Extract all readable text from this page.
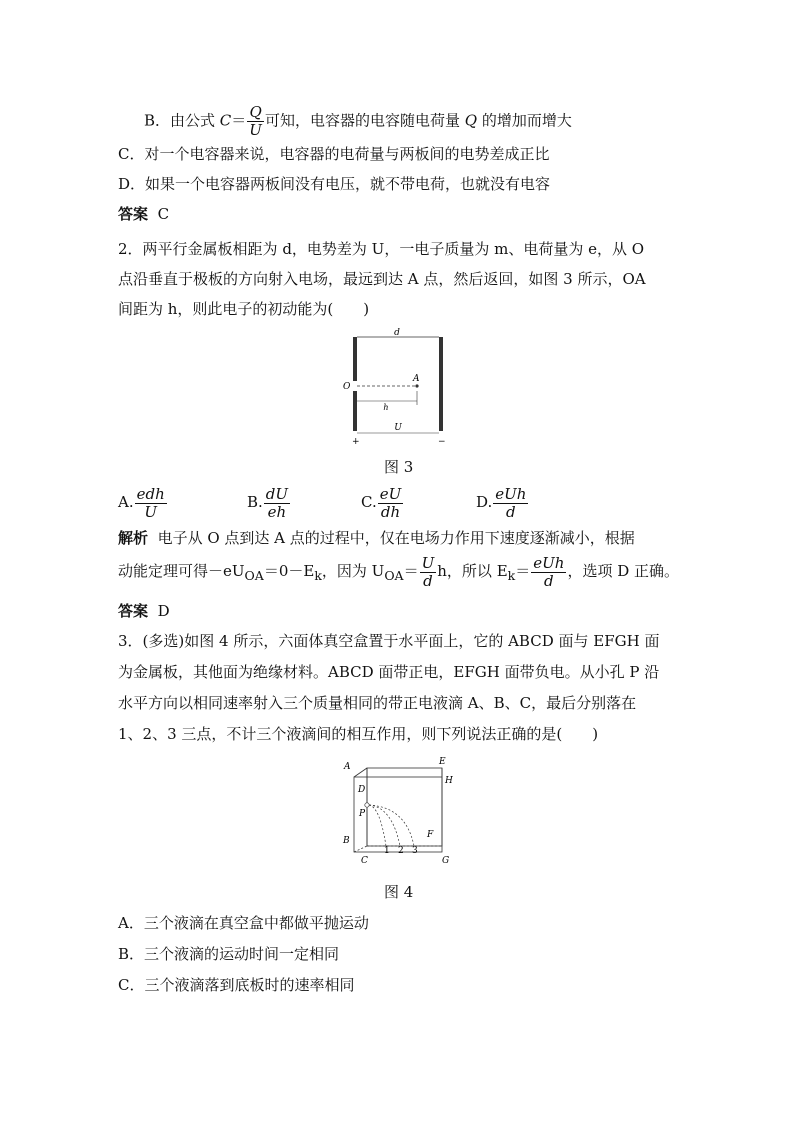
B．由公式 $C= \frac{Q}{U}$ 可知，电容器的电容随电荷量 Q 的增加而增大
C．对一个电容器来说，电容器的电荷量与两板间的电势差成正比
D．如果一个电容器两板间没有电压，就不带电荷，也就没有电容
答案 C
2．两平行金属板相距为 d，电势差为 U，一电子质量为 m、电荷量为 e，从 O
点沿垂直于极板的方向射入电场，最远到达 A 点，然后返回，如图 3 所示，OA
间距为 h，则此电子的初动能为(　　)
d
O
A
h
U
+	−
图 3
A. $\frac{\text{edh}}{U}$	B. $\frac{dU}{eh}$	C. $\frac{eU}{dh}$	D. $\frac{\text{eUh}}{d}$
解析 电子从 O 点到达 A 点的过程中，仅在电场力作用下速度逐渐减小，根据
动能定理可得$-eU_{OA}=0-E_k$，因为 $U_{OA}= \frac{U}{d}$ h，所以 $E_k= \frac{\text{eUh}}{d}$ ，选项 D 正确。
答案 D
3．(多选)如图 4 所示，六面体真空盒置于水平面上，它的 ABCD 面与 EFGH 面
为金属板，其他面为绝缘材料。ABCD 面带正电，EFGH 面带负电。从小孔 P 沿
水平方向以相同速率射入三个质量相同的带正电液滴 A、B、C，最后分别落在
1、2、3 三点，不计三个液滴间的相互作用，则下列说法正确的是(　　)
A
D
P
B
C
E
H
F
G
1 2 3
图 4
A．三个液滴在真空盒中都做平抛运动
B．三个液滴的运动时间一定相同
C．三个液滴落到底板时的速率相同
